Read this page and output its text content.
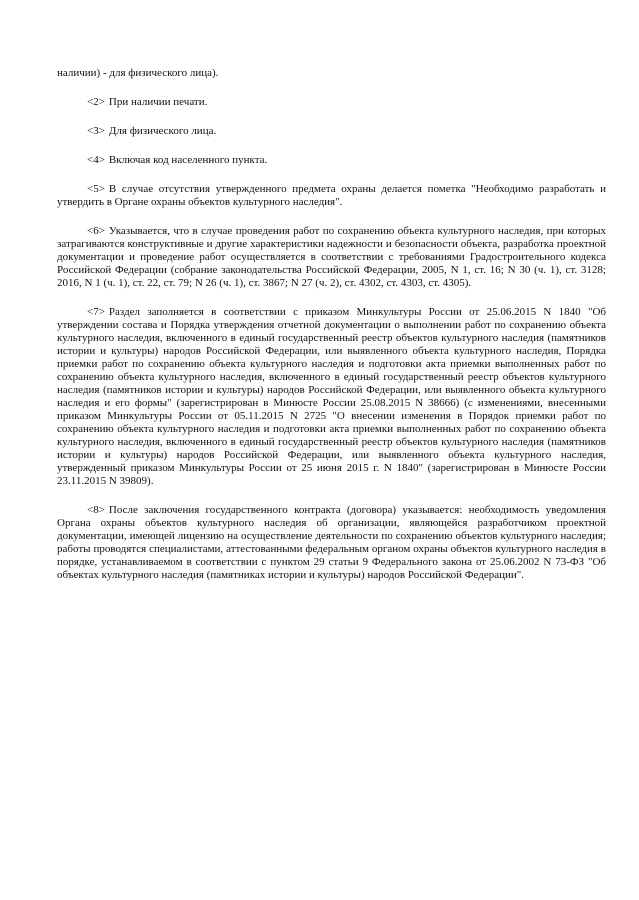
наличии) - для физического лица).

<2> При наличии печати.

<3> Для физического лица.

<4> Включая код населенного пункта.

<5> В случае отсутствия утвержденного предмета охраны делается пометка "Необходимо разработать и утвердить в Органе охраны объектов культурного наследия".

<6> Указывается, что в случае проведения работ по сохранению объекта культурного наследия, при которых затрагиваются конструктивные и другие характеристики надежности и безопасности объекта, разработка проектной документации и проведение работ осуществляется в соответствии с требованиями Градостроительного кодекса Российской Федерации (собрание законодательства Российской Федерации, 2005, N 1, ст. 16; N 30 (ч. 1), ст. 3128; 2016, N 1 (ч. 1), ст. 22, ст. 79; N 26 (ч. 1), ст. 3867; N 27 (ч. 2), ст. 4302, ст. 4303, ст. 4305).

<7> Раздел заполняется в соответствии с приказом Минкультуры России от 25.06.2015 N 1840 "Об утверждении состава и Порядка утверждения отчетной документации о выполнении работ по сохранению объекта культурного наследия, включенного в единый государственный реестр объектов культурного наследия (памятников истории и культуры) народов Российской Федерации, или выявленного объекта культурного наследия, Порядка приемки работ по сохранению объекта культурного наследия и подготовки акта приемки выполненных работ по сохранению объекта культурного наследия, включенного в единый государственный реестр объектов культурного наследия (памятников истории и культуры) народов Российской Федерации, или выявленного объекта культурного наследия и его формы" (зарегистрирован в Минюсте России 25.08.2015 N 38666) (с изменениями, внесенными приказом Минкультуры России от 05.11.2015 N 2725 "О внесении изменения в Порядок приемки работ по сохранению объекта культурного наследия и подготовки акта приемки выполненных работ по сохранению объекта культурного наследия, включенного в единый государственный реестр объектов культурного наследия (памятников истории и культуры) народов Российской Федерации, или выявленного объекта культурного наследия, утвержденный приказом Минкультуры России от 25 июня 2015 г. N 1840" (зарегистрирован в Минюсте России 23.11.2015 N 39809).

<8> После заключения государственного контракта (договора) указывается: необходимость уведомления Органа охраны объектов культурного наследия об организации, являющейся разработчиком проектной документации, имеющей лицензию на осуществление деятельности по сохранению объектов культурного наследия; работы проводятся специалистами, аттестованными федеральным органом охраны объектов культурного наследия в порядке, устанавливаемом в соответствии с пунктом 29 статьи 9 Федерального закона от 25.06.2002 N 73-ФЗ "Об объектах культурного наследия (памятниках истории и культуры) народов Российской Федерации".
